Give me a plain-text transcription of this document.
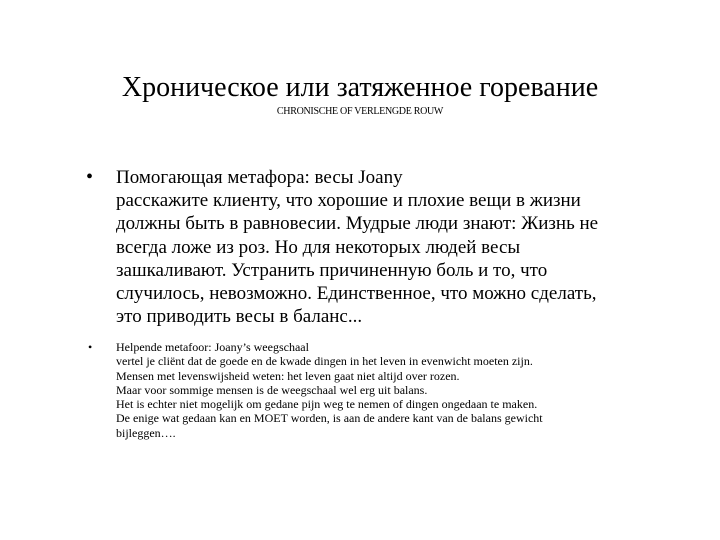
Хроническое или затяженное горевание
CHRONISCHE OF VERLENGDE ROUW
• Помогающая метафора: весы Joany
расскажите клиенту, что хорошие и плохие вещи в жизни
должны быть в равновесии. Мудрые люди знают: Жизнь не
всегда ложе из роз. Но для некоторых людей весы
зашкаливают. Устранить причиненную боль и то, что
случилось, невозможно. Единственное, что можно сделать,
это приводить весы в баланс...
• Helpende metafoor: Joany’s weegschaal
vertel je cliënt dat de goede en de kwade dingen in het leven in evenwicht moeten zijn.
Mensen met levenswijsheid weten: het leven gaat niet altijd over rozen.
Maar voor sommige mensen is de weegschaal wel erg uit balans.
Het is echter niet mogelijk om gedane pijn weg te nemen of dingen ongedaan te maken.
De enige wat gedaan kan en MOET worden, is aan de andere kant van de balans gewicht
bijleggen….
